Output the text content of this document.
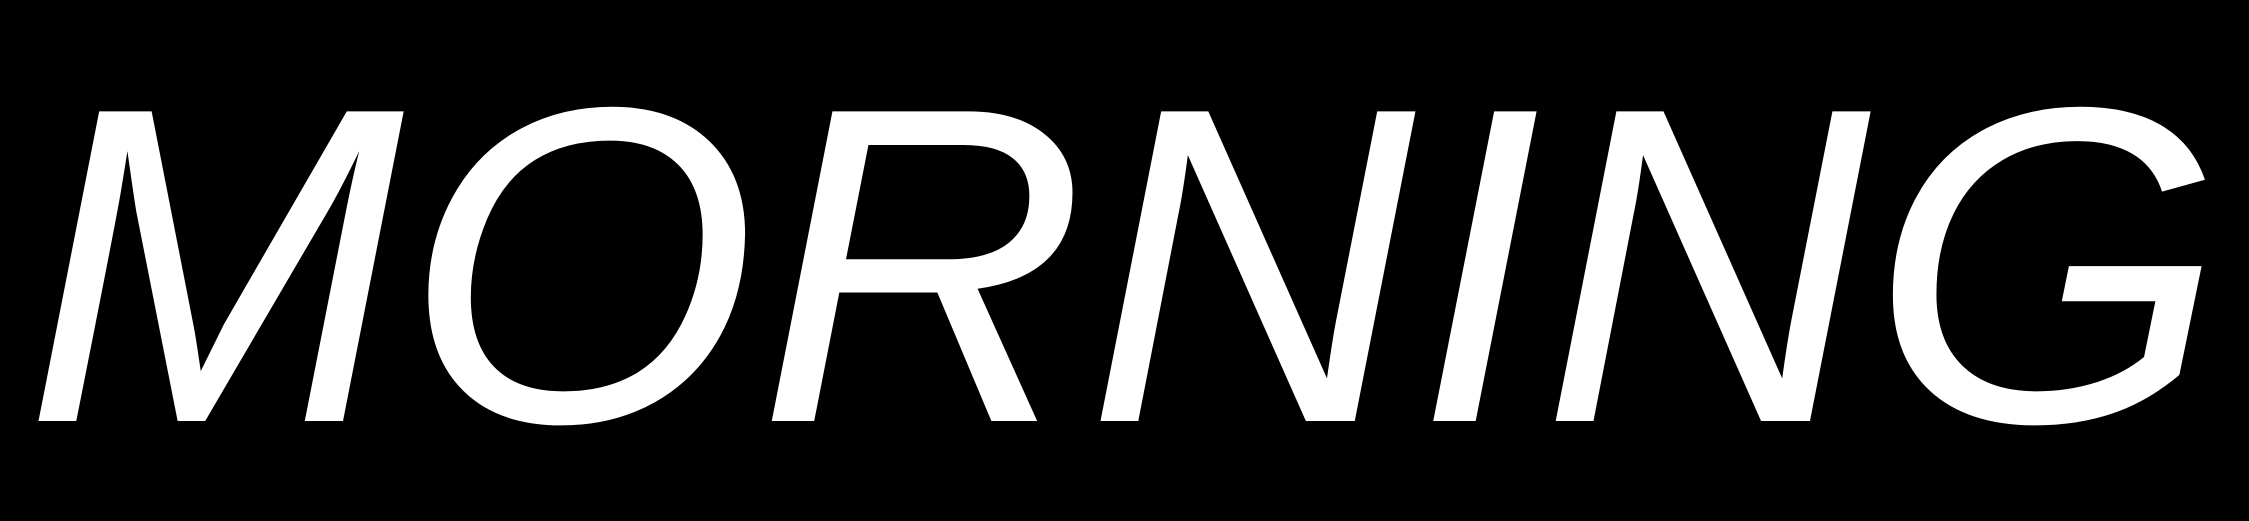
MORNING
